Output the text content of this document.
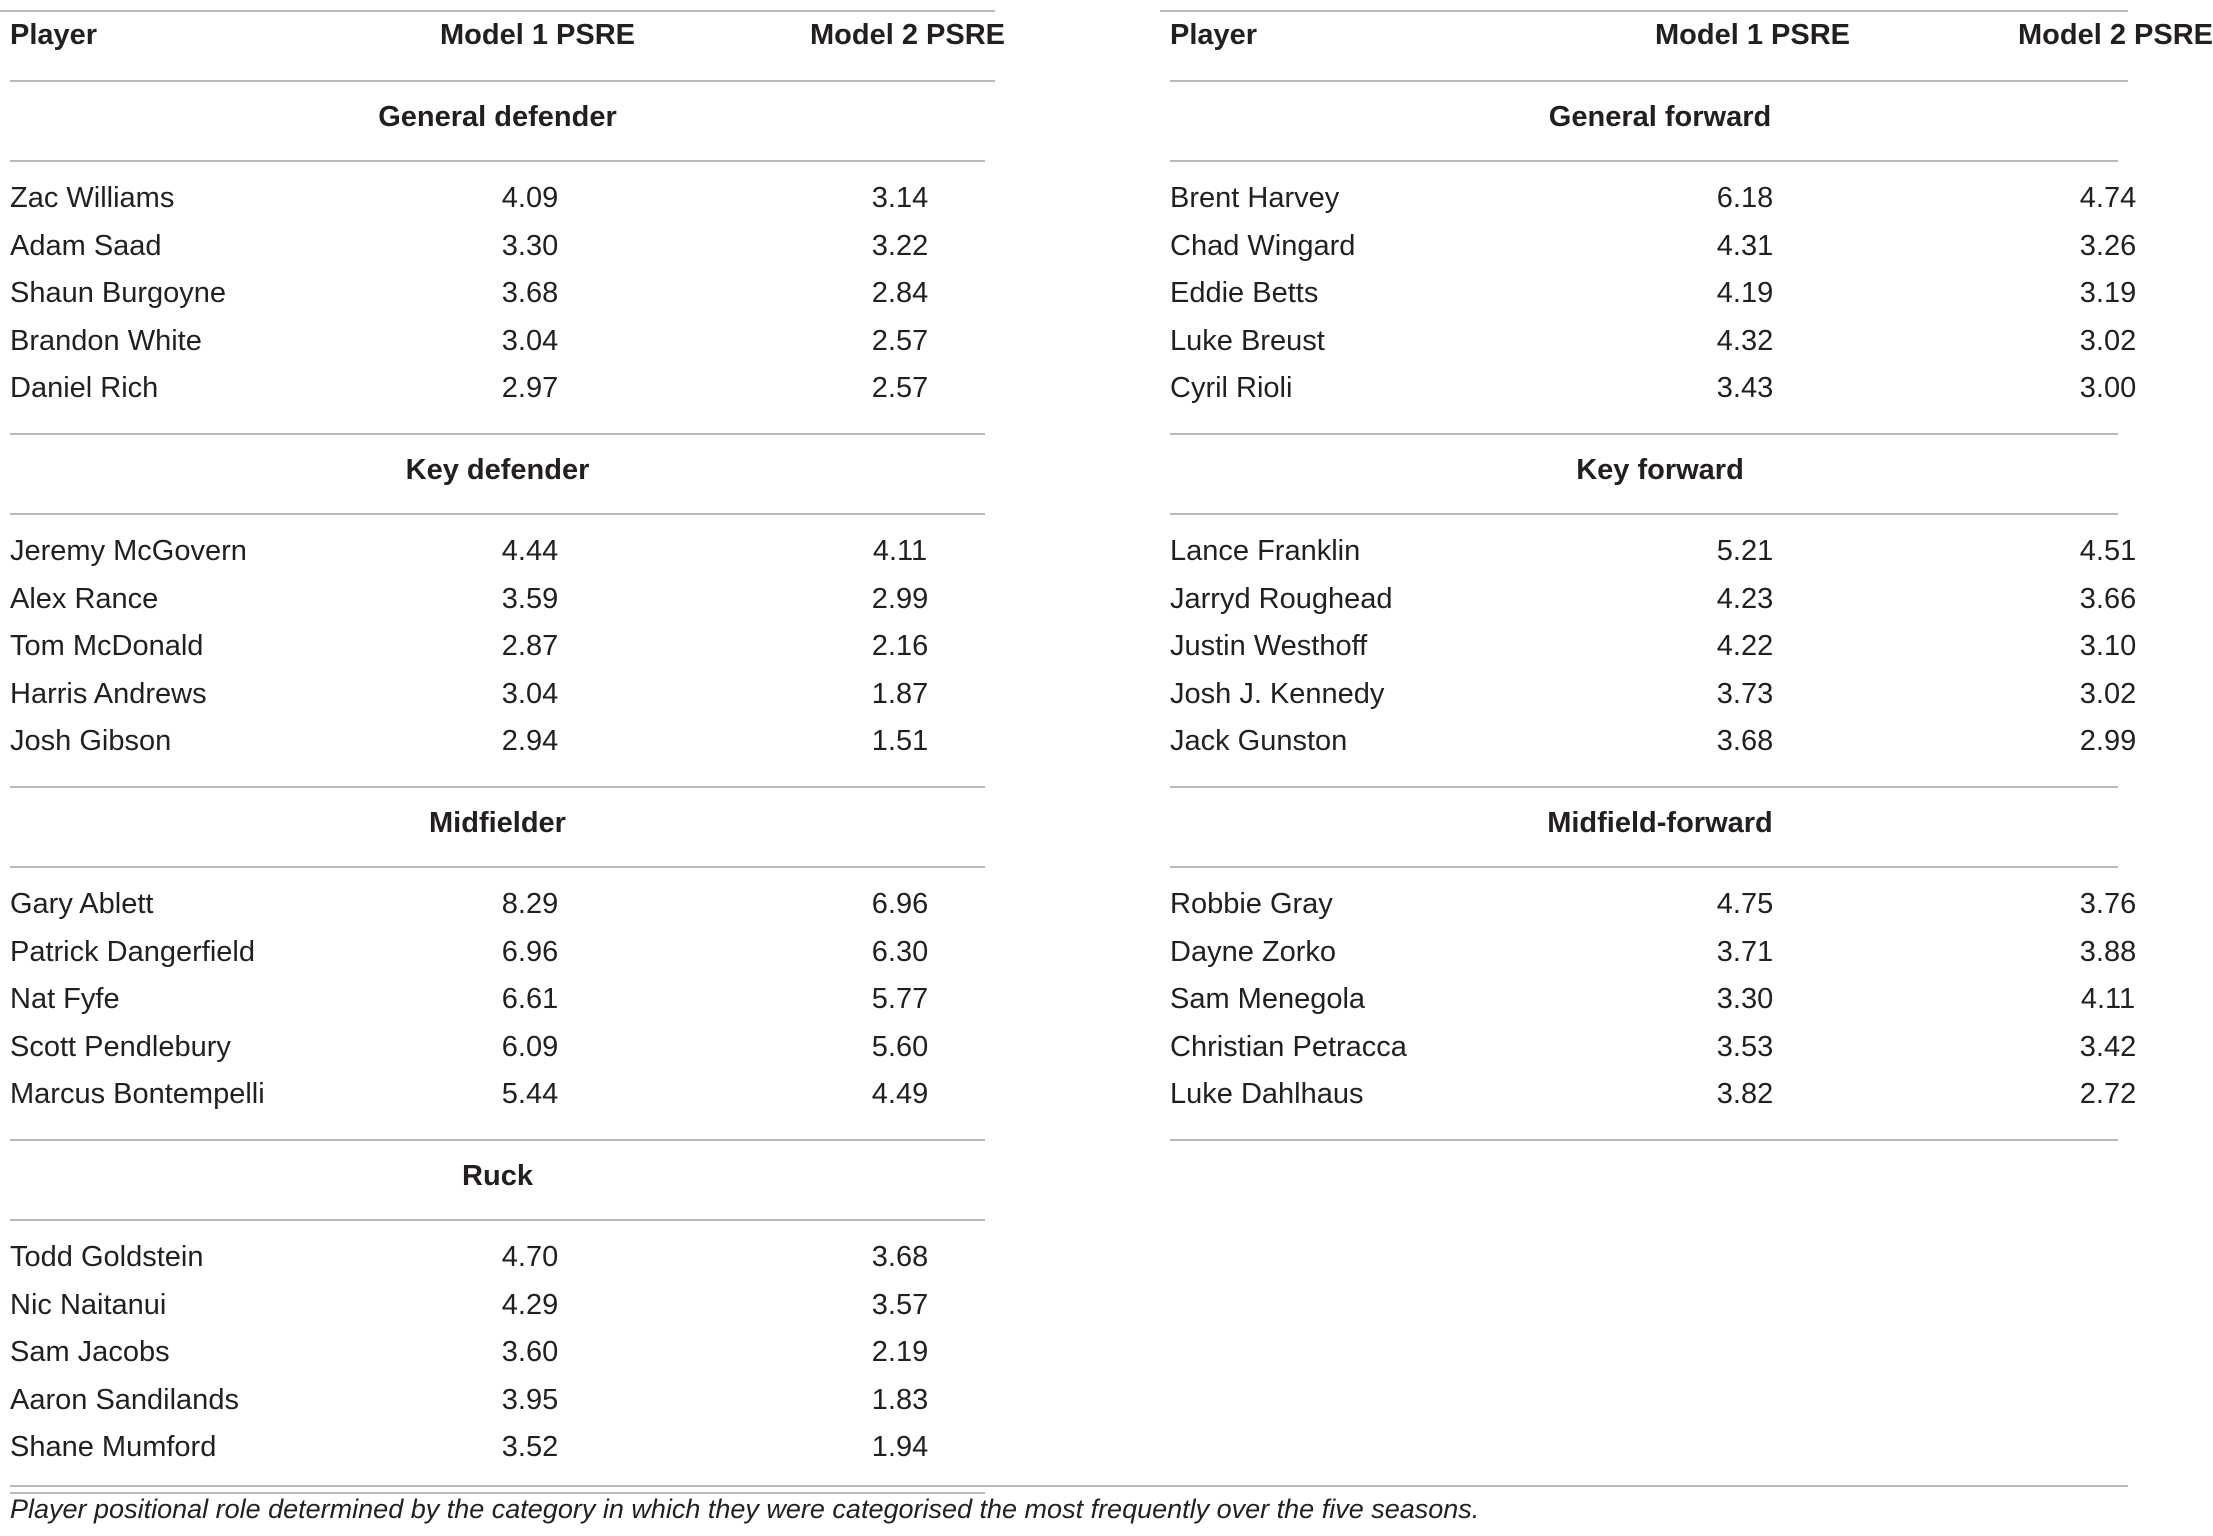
Player	Model 1 PSRE	Model 2 PSRE
General defender
Zac Williams	4.09	3.14
Adam Saad	3.30	3.22
Shaun Burgoyne	3.68	2.84
Brandon White	3.04	2.57
Daniel Rich	2.97	2.57
Key defender
Jeremy McGovern	4.44	4.11
Alex Rance	3.59	2.99
Tom McDonald	2.87	2.16
Harris Andrews	3.04	1.87
Josh Gibson	2.94	1.51
Midfielder
Gary Ablett	8.29	6.96
Patrick Dangerfield	6.96	6.30
Nat Fyfe	6.61	5.77
Scott Pendlebury	6.09	5.60
Marcus Bontempelli	5.44	4.49
Ruck
Todd Goldstein	4.70	3.68
Nic Naitanui	4.29	3.57
Sam Jacobs	3.60	2.19
Aaron Sandilands	3.95	1.83
Shane Mumford	3.52	1.94
Player	Model 1 PSRE	Model 2 PSRE
General forward
Brent Harvey	6.18	4.74
Chad Wingard	4.31	3.26
Eddie Betts	4.19	3.19
Luke Breust	4.32	3.02
Cyril Rioli	3.43	3.00
Key forward
Lance Franklin	5.21	4.51
Jarryd Roughead	4.23	3.66
Justin Westhoff	4.22	3.10
Josh J. Kennedy	3.73	3.02
Jack Gunston	3.68	2.99
Midfield-forward
Robbie Gray	4.75	3.76
Dayne Zorko	3.71	3.88
Sam Menegola	3.30	4.11
Christian Petracca	3.53	3.42
Luke Dahlhaus	3.82	2.72
Player positional role determined by the category in which they were categorised the most frequently over the five seasons.
